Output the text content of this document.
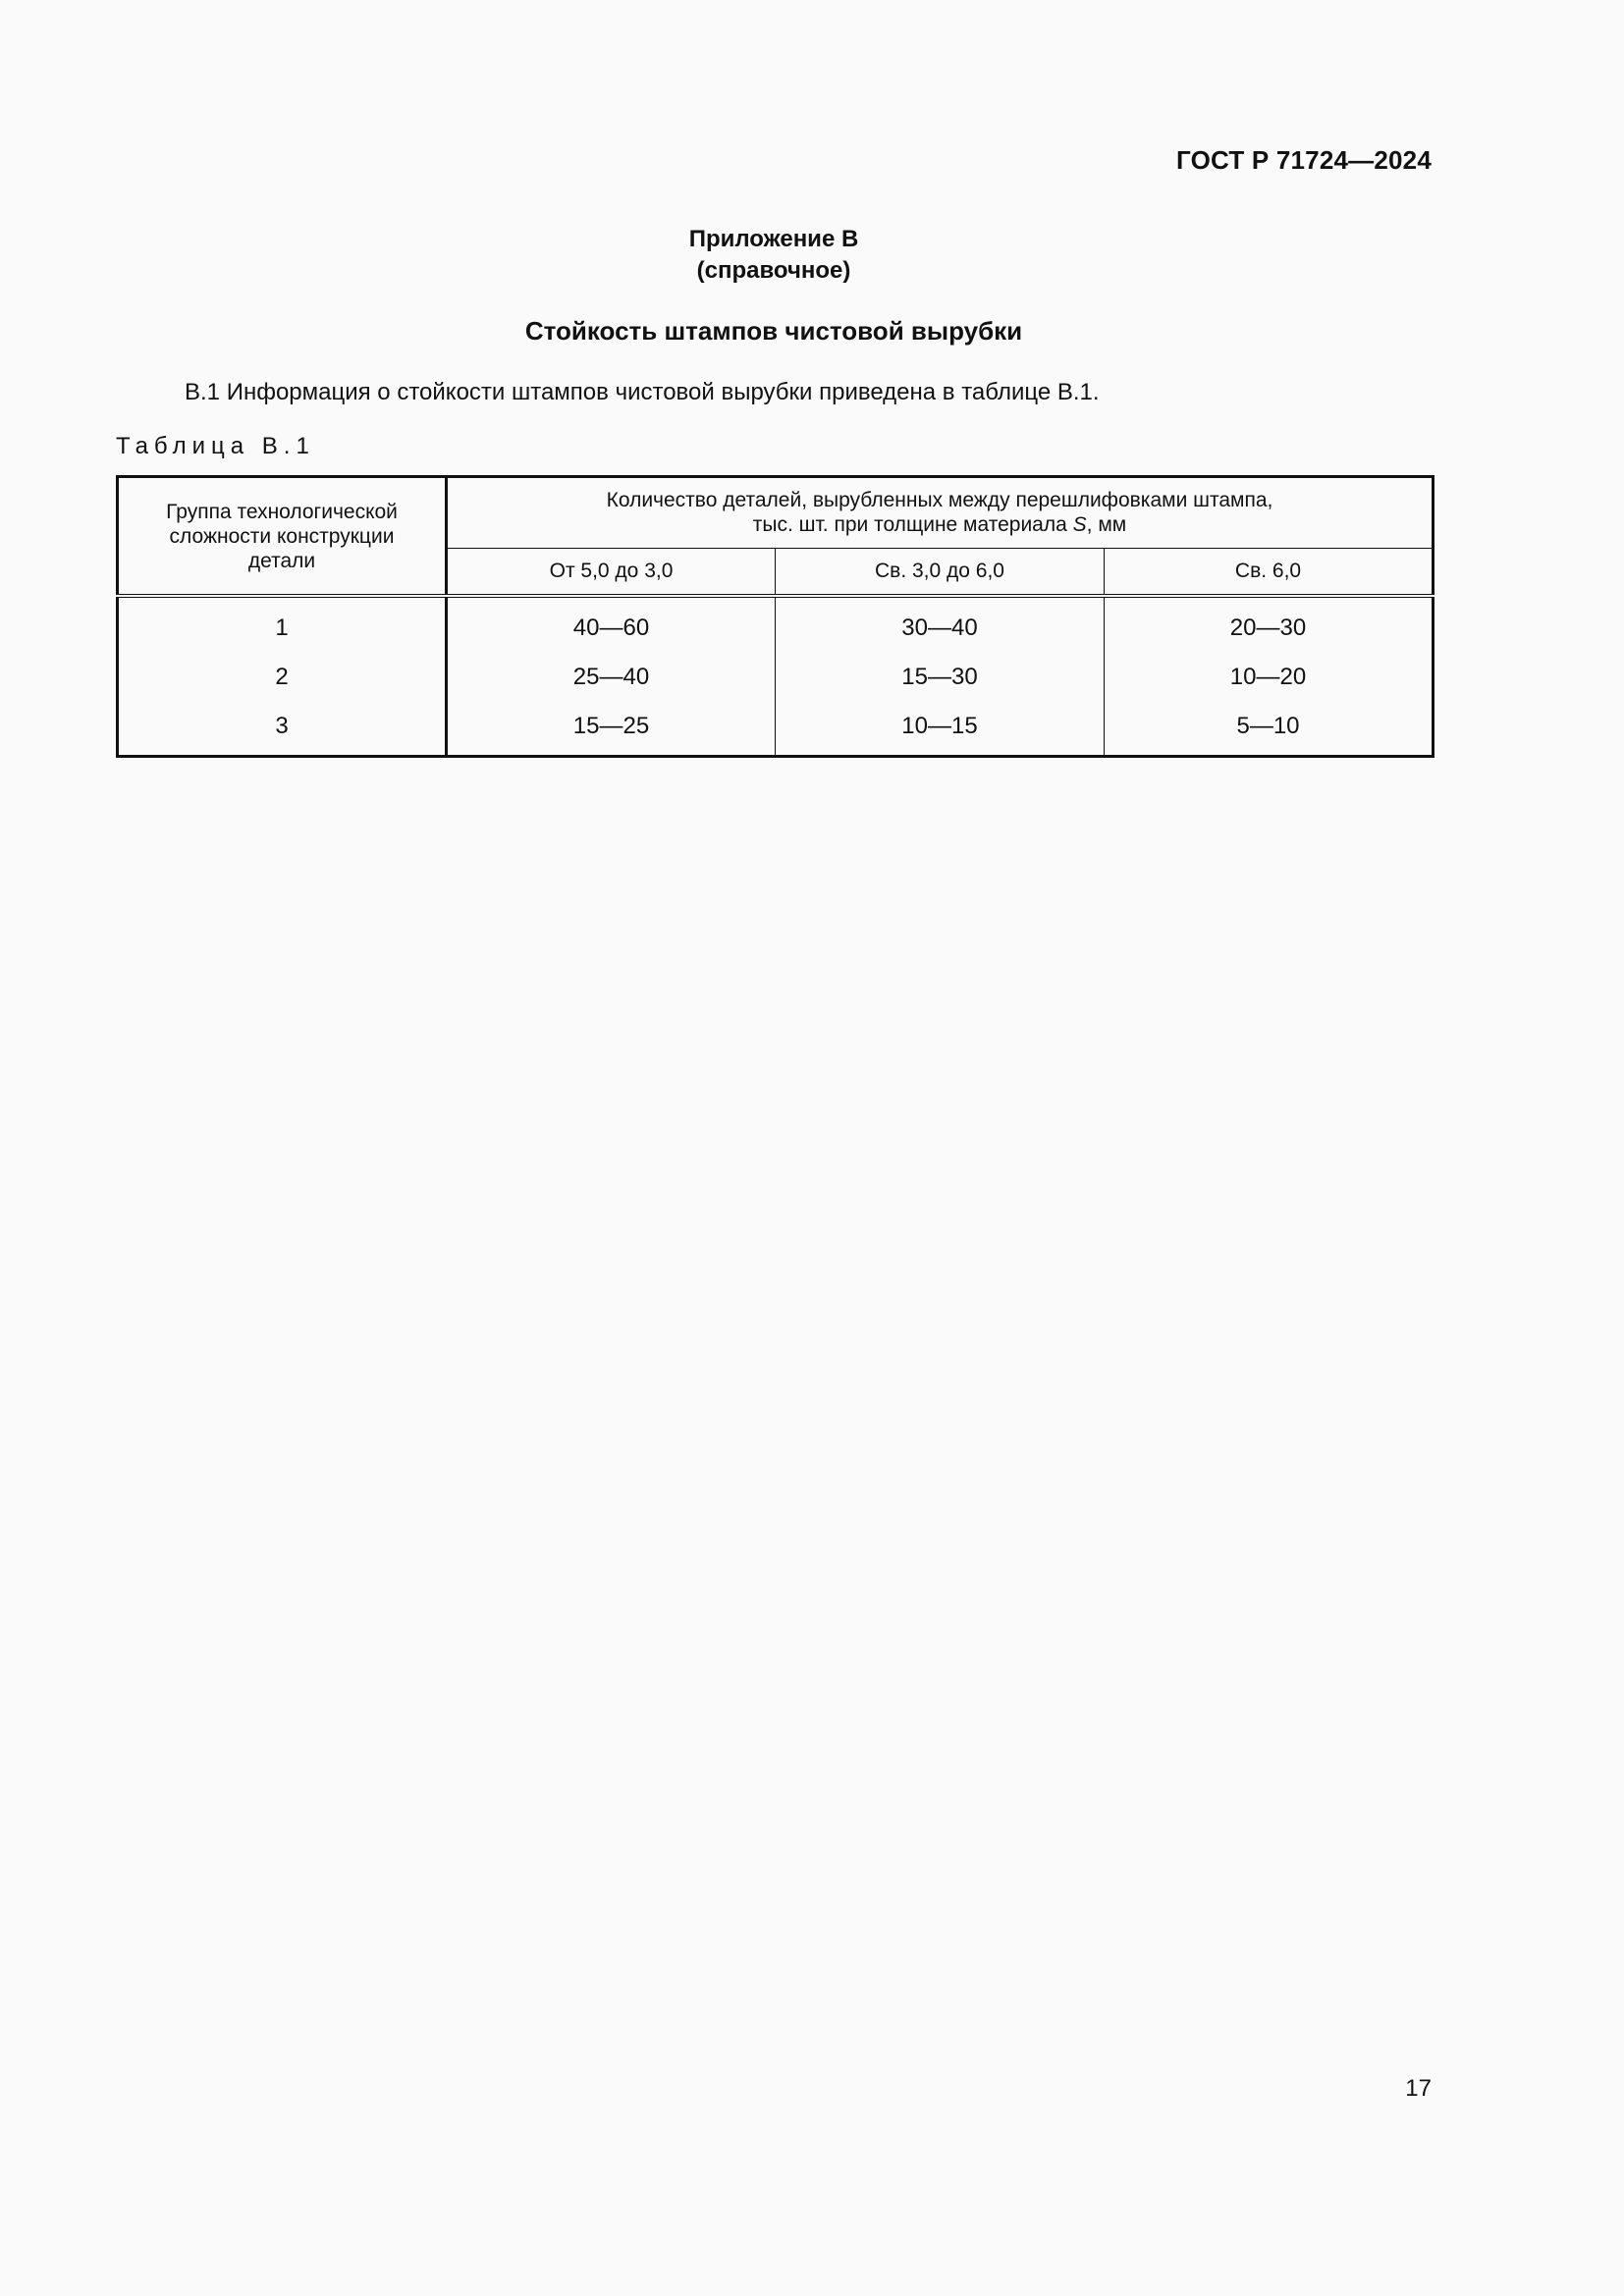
ГОСТ Р 71724—2024
Приложение В
(справочное)
Стойкость штампов чистовой вырубки
В.1 Информация о стойкости штампов чистовой вырубки приведена в таблице В.1.
Таблица В.1
Группа технологической сложности конструкции детали	Количество деталей, вырубленных между перешлифовками штампа,
тыс. шт. при толщине материала S, мм		

	От 5,0 до 3,0	Св. 3,0 до 6,0	Св. 6,0
1	40—60	30—40	20—30
2	25—40	15—30	10—20
3	15—25	10—15	5—10
17
